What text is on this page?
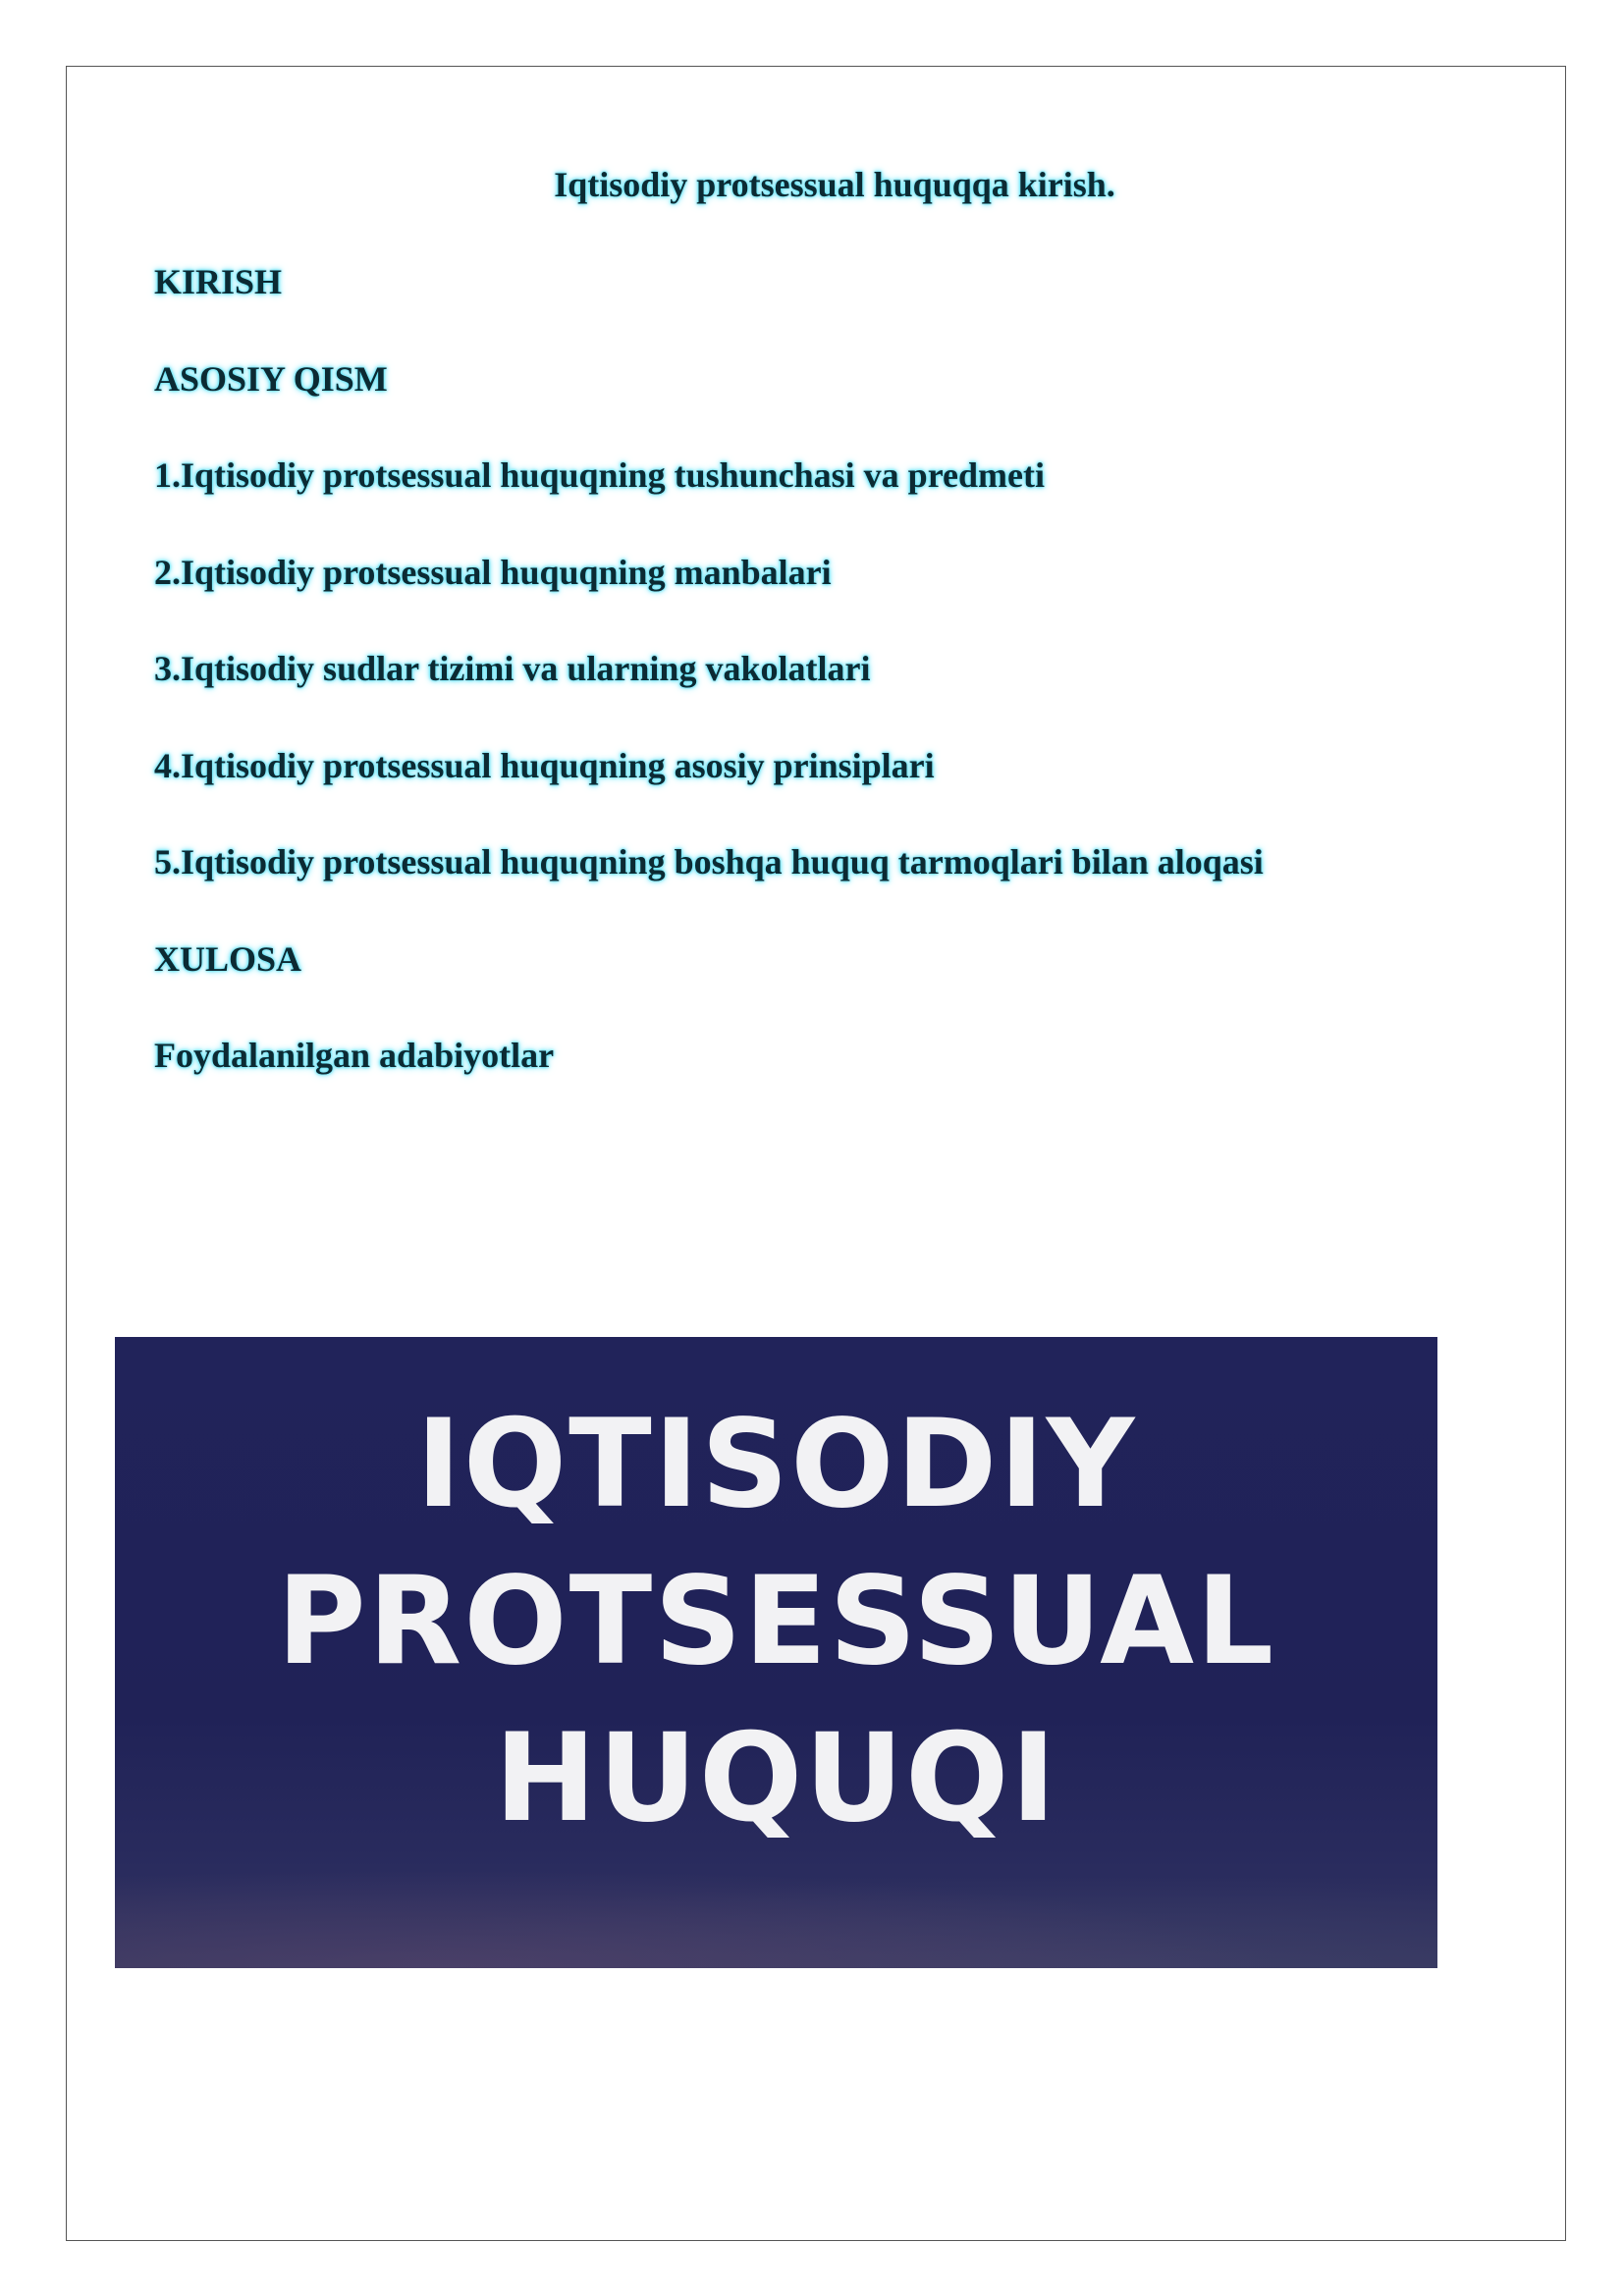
Iqtisodiy protsessual huquqqa kirish.
KIRISH
ASOSIY QISM
1.Iqtisodiy protsessual huquqning tushunchasi va predmeti
2.Iqtisodiy protsessual huquqning manbalari
3.Iqtisodiy sudlar tizimi va ularning vakolatlari
4.Iqtisodiy protsessual huquqning asosiy prinsiplari
5.Iqtisodiy protsessual huquqning boshqa huquq tarmoqlari bilan aloqasi
XULOSA
Foydalanilgan adabiyotlar
IQTISODIY
PROTSESSUAL
HUQUQI
